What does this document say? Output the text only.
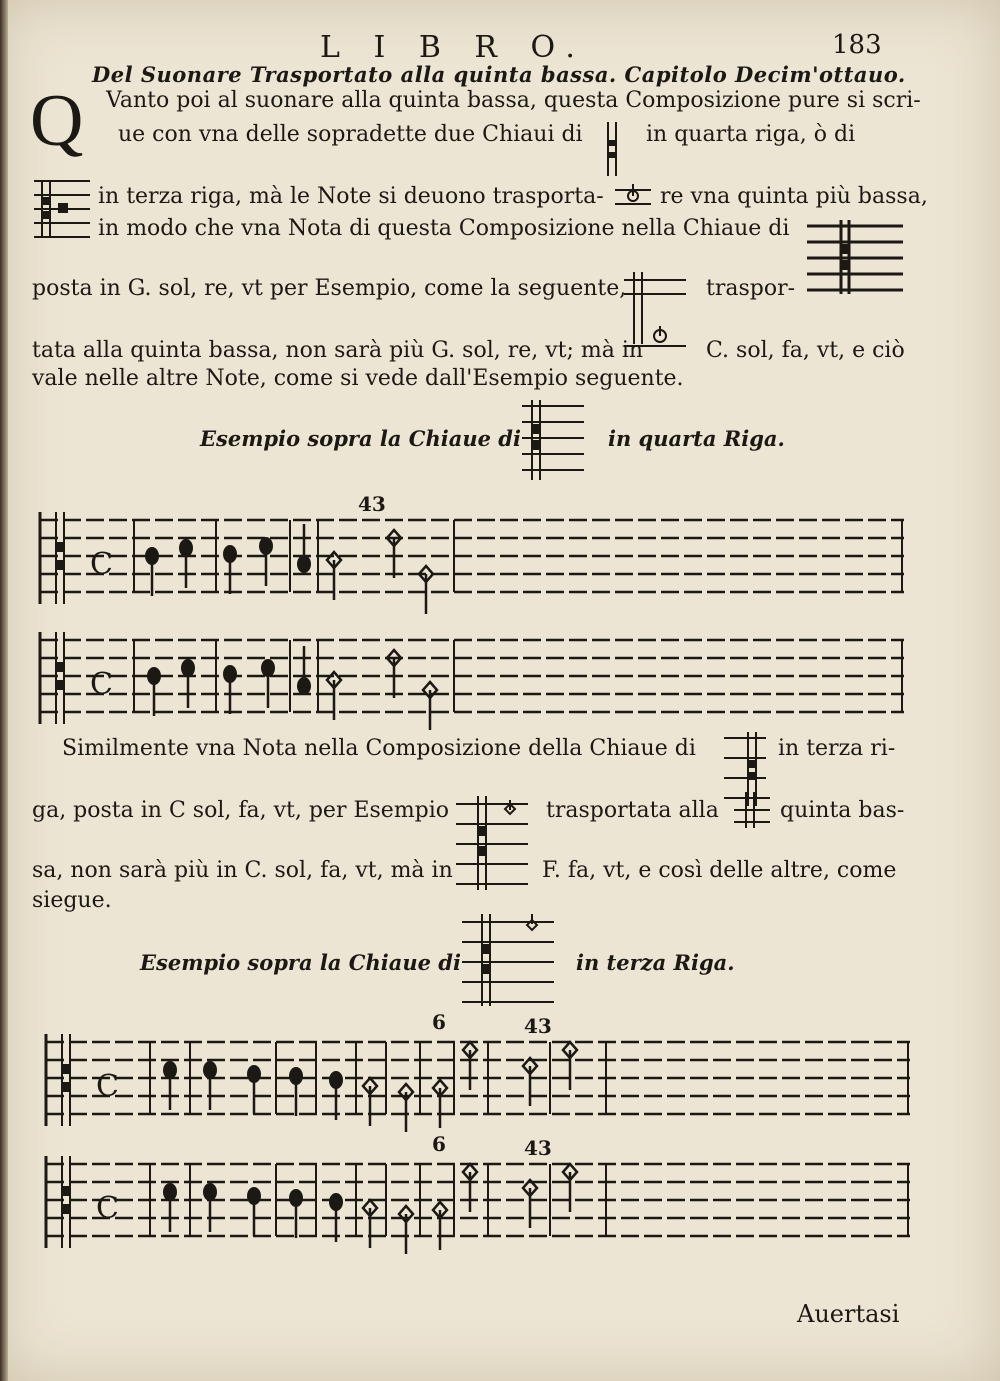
L I B R O.	183
Del Suonare Trasportato alla quinta bassa. Capitolo Decim'ottauo.
Q Vanto poi al suonare alla quinta bassa, questa Composizione pure si scri-
ue con vna delle sopradette due Chiaui di	in quarta riga, ò di
in terza riga, mà le Note si deuono trasporta-	re vna quinta più bassa,
in modo che vna Nota di questa Composizione nella Chiaue di
posta in G. sol, re, vt per Esempio, come la seguente,	traspor-
tata alla quinta bassa, non sarà più G. sol, re, vt; mà in	C. sol, fa, vt, e ciò
vale nelle altre Note, come si vede dall'Esempio seguente.
Esempio sopra la Chiaue di	in quarta Riga.
43
C
C
Similmente vna Nota nella Composizione della Chiaue di	in terza ri-
ga, posta in C sol, fa, vt, per Esempio	trasportata alla	quinta bas-
sa, non sarà più in C. sol, fa, vt, mà in	F. fa, vt, e così delle altre, come
siegue.
Esempio sopra la Chiaue di	in terza Riga.
6	43
C
6	43
C
Auertasi
